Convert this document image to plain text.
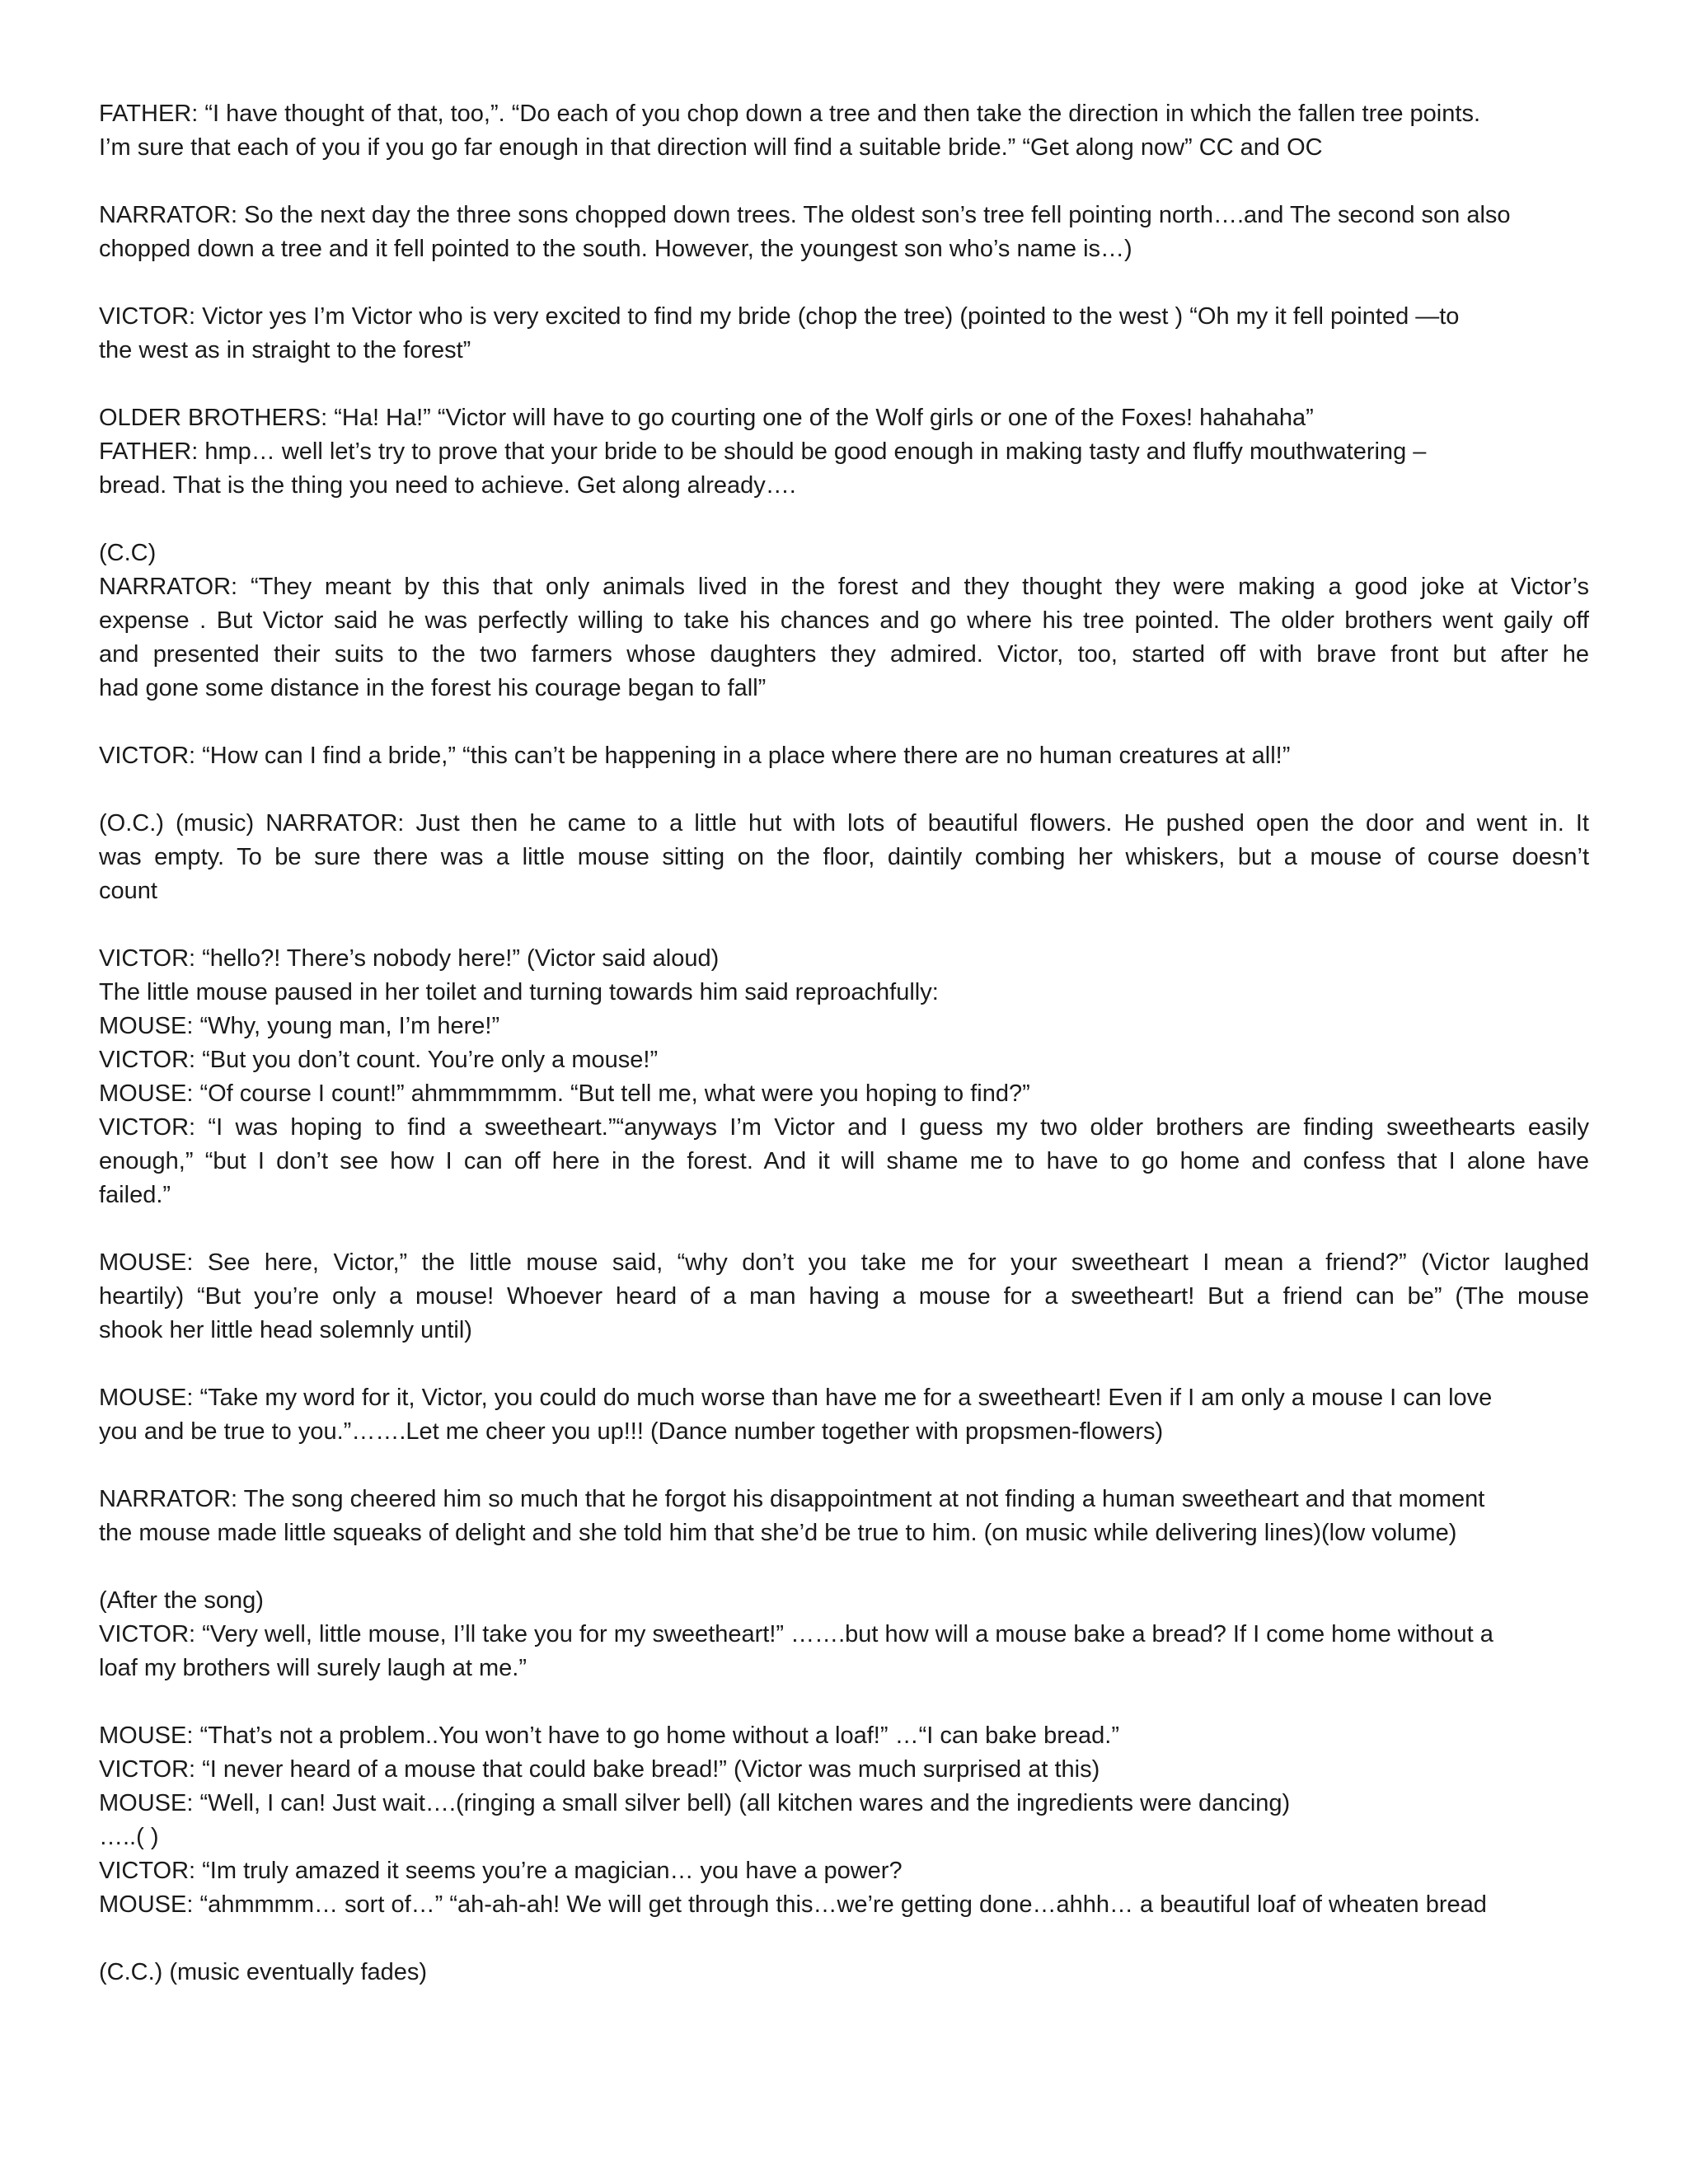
FATHER: “I have thought of that, too,”. “Do each of you chop down a tree and then take the direction in which the fallen tree points.
I’m sure that each of you if you go far enough in that direction will find a suitable bride.” “Get along now” CC and OC
NARRATOR: So the next day the three sons chopped down trees. The oldest son’s tree fell pointing north….and The second son also
chopped down a tree and it fell pointed to the south. However, the youngest son who’s name is…)
VICTOR: Victor yes I’m Victor who is very excited to find my bride (chop the tree) (pointed to the west ) “Oh my it fell pointed —to
the west as in straight to the forest”
OLDER BROTHERS: “Ha! Ha!” “Victor will have to go courting one of the Wolf girls or one of the Foxes! hahahaha”
FATHER: hmp… well let’s try to prove that your bride to be should be good enough in making tasty and fluffy mouthwatering –
bread. That is the thing you need to achieve. Get along already….
(C.C)
NARRATOR: “They meant by this that only animals lived in the forest and they thought they were making a good joke at Victor’s
expense . But Victor said he was perfectly willing to take his chances and go where his tree pointed. The older brothers went gaily off
and presented their suits to the two farmers whose daughters they admired. Victor, too, started off with brave front but after he
had gone some distance in the forest his courage began to fall”
VICTOR: “How can I find a bride,” “this can’t be happening in a place where there are no human creatures at all!”
(O.C.) (music) NARRATOR: Just then he came to a little hut with lots of beautiful flowers. He pushed open the door and went in. It
was empty. To be sure there was a little mouse sitting on the floor, daintily combing her whiskers, but a mouse of course doesn’t
count
VICTOR: “hello?! There’s nobody here!” (Victor said aloud)
The little mouse paused in her toilet and turning towards him said reproachfully:
MOUSE: “Why, young man, I’m here!”
VICTOR: “But you don’t count. You’re only a mouse!”
MOUSE: “Of course I count!” ahmmmmmm. “But tell me, what were you hoping to find?”
VICTOR: “I was hoping to find a sweetheart.”“anyways I’m Victor and I guess my two older brothers are finding sweethearts easily
enough,” “but I don’t see how I can off here in the forest. And it will shame me to have to go home and confess that I alone have
failed.”
MOUSE: See here, Victor,” the little mouse said, “why don’t you take me for your sweetheart I mean a friend?” (Victor laughed
heartily) “But you’re only a mouse! Whoever heard of a man having a mouse for a sweetheart! But a friend can be” (The mouse
shook her little head solemnly until)
MOUSE: “Take my word for it, Victor, you could do much worse than have me for a sweetheart! Even if I am only a mouse I can love
you and be true to you.”…….Let me cheer you up!!! (Dance number together with propsmen-flowers)
NARRATOR: The song cheered him so much that he forgot his disappointment at not finding a human sweetheart and that moment
the mouse made little squeaks of delight and she told him that she’d be true to him. (on music while delivering lines)(low volume)
(After the song)
VICTOR: “Very well, little mouse, I’ll take you for my sweetheart!” …….but how will a mouse bake a bread? If I come home without a
loaf my brothers will surely laugh at me.”
MOUSE: “That’s not a problem..You won’t have to go home without a loaf!” …“I can bake bread.”
VICTOR: “I never heard of a mouse that could bake bread!” (Victor was much surprised at this)
MOUSE: “Well, I can! Just wait….(ringing a small silver bell) (all kitchen wares and the ingredients were dancing)
…..( )
VICTOR: “Im truly amazed it seems you’re a magician… you have a power?
MOUSE: “ahmmmm… sort of…” “ah-ah-ah! We will get through this…we’re getting done…ahhh… a beautiful loaf of wheaten bread
(C.C.) (music eventually fades)
